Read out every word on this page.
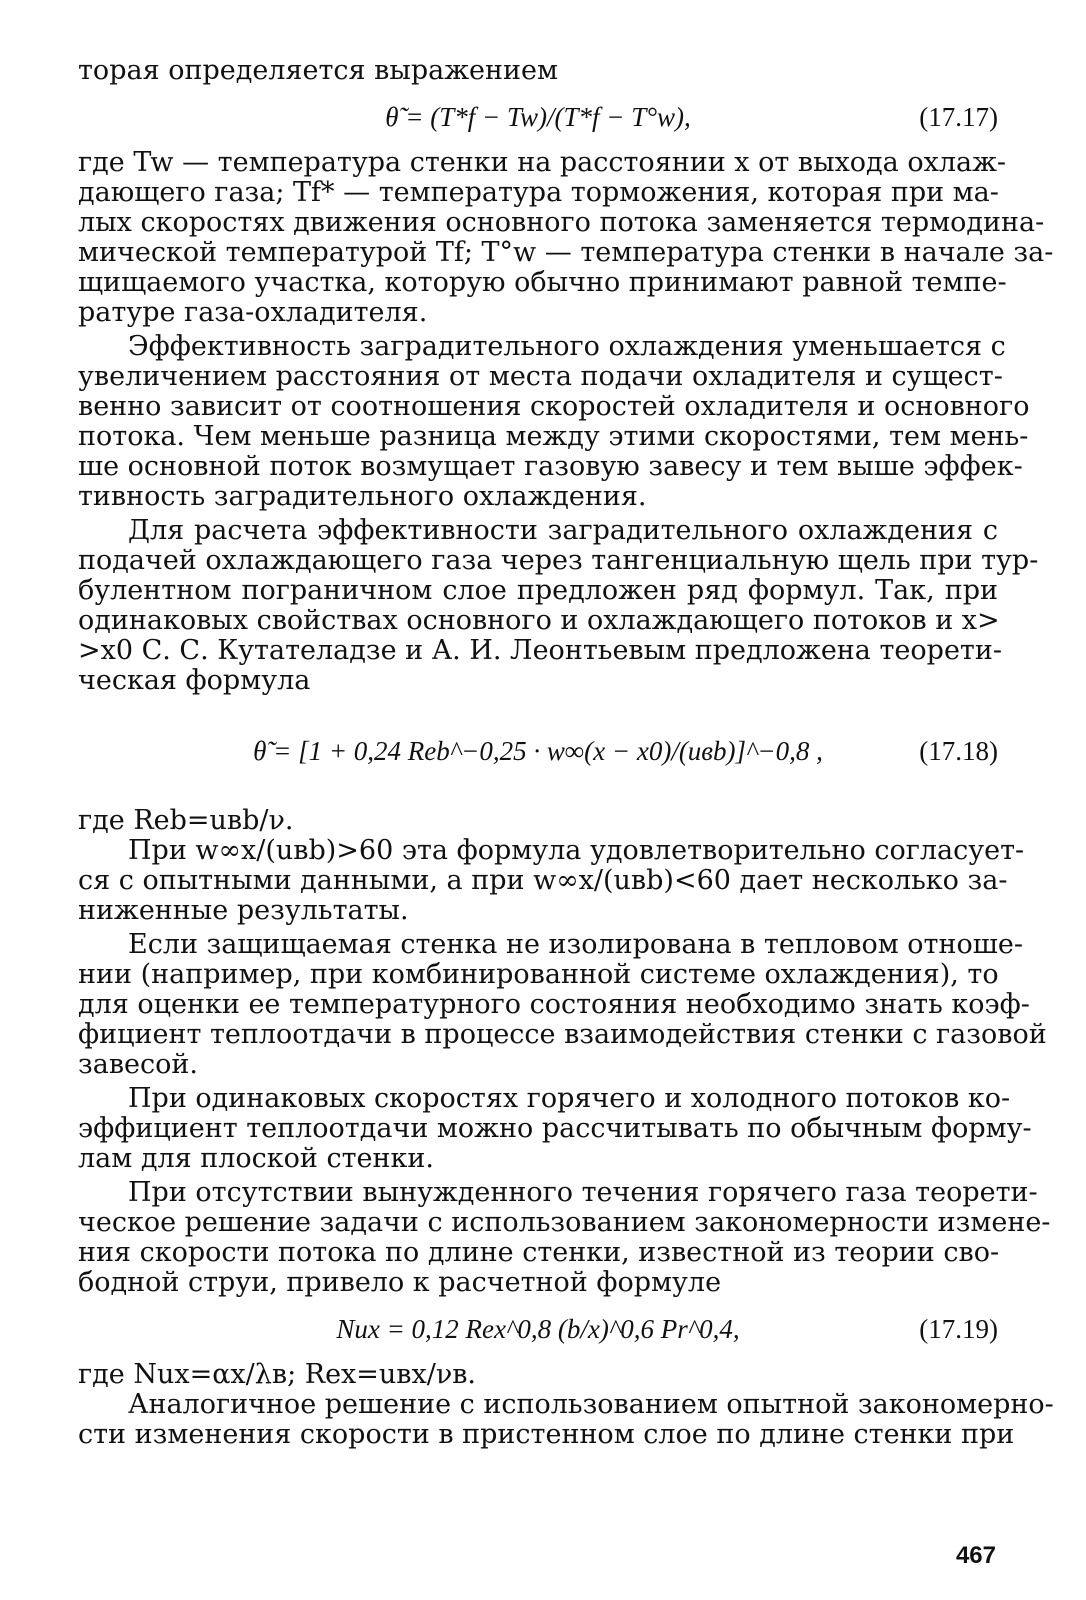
торая определяется выражением
θ̃ = (T*f − Tw)/(T*f − T°w),	(17.17)
где Tw — температура стенки на расстоянии x от выхода охлаж-
дающего газа; Tf* — температура торможения, которая при ма-
лых скоростях движения основного потока заменяется термодина-
мической температурой Tf; T°w — температура стенки в начале за-
щищаемого участка, которую обычно принимают равной темпе-
ратуре газа-охладителя.
Эффективность заградительного охлаждения уменьшается с
увеличением расстояния от места подачи охладителя и сущест-
венно зависит от соотношения скоростей охладителя и основного
потока. Чем меньше разница между этими скоростями, тем мень-
ше основной поток возмущает газовую завесу и тем выше эффек-
тивность заградительного охлаждения.
Для расчета эффективности заградительного охлаждения с
подачей охлаждающего газа через тангенциальную щель при тур-
булентном пограничном слое предложен ряд формул. Так, при
одинаковых свойствах основного и охлаждающего потоков и x>
>x0 С. С. Кутателадзе и А. И. Леонтьевым предложена теорети-
ческая формула
θ̃ = [1 + 0,24 Reb^−0,25 · w∞(x − x0)/(uвb)]^−0,8 ,	(17.18)
где Reb=uвb/ν.
При w∞x/(uвb)>60 эта формула удовлетворительно согласует-
ся с опытными данными, а при w∞x/(uвb)<60 дает несколько за-
ниженные результаты.
Если защищаемая стенка не изолирована в тепловом отноше-
нии (например, при комбинированной системе охлаждения), то
для оценки ее температурного состояния необходимо знать коэф-
фициент теплоотдачи в процессе взаимодействия стенки с газовой
завесой.
При одинаковых скоростях горячего и холодного потоков ко-
эффициент теплоотдачи можно рассчитывать по обычным форму-
лам для плоской стенки.
При отсутствии вынужденного течения горячего газа теорети-
ческое решение задачи с использованием закономерности измене-
ния скорости потока по длине стенки, известной из теории сво-
бодной струи, привело к расчетной формуле
Nux = 0,12 Rex^0,8 (b/x)^0,6 Pr^0,4,	(17.19)
где Nux=αx/λв; Rex=uвx/νв.
Аналогичное решение с использованием опытной закономерно-
сти изменения скорости в пристенном слое по длине стенки при
467
